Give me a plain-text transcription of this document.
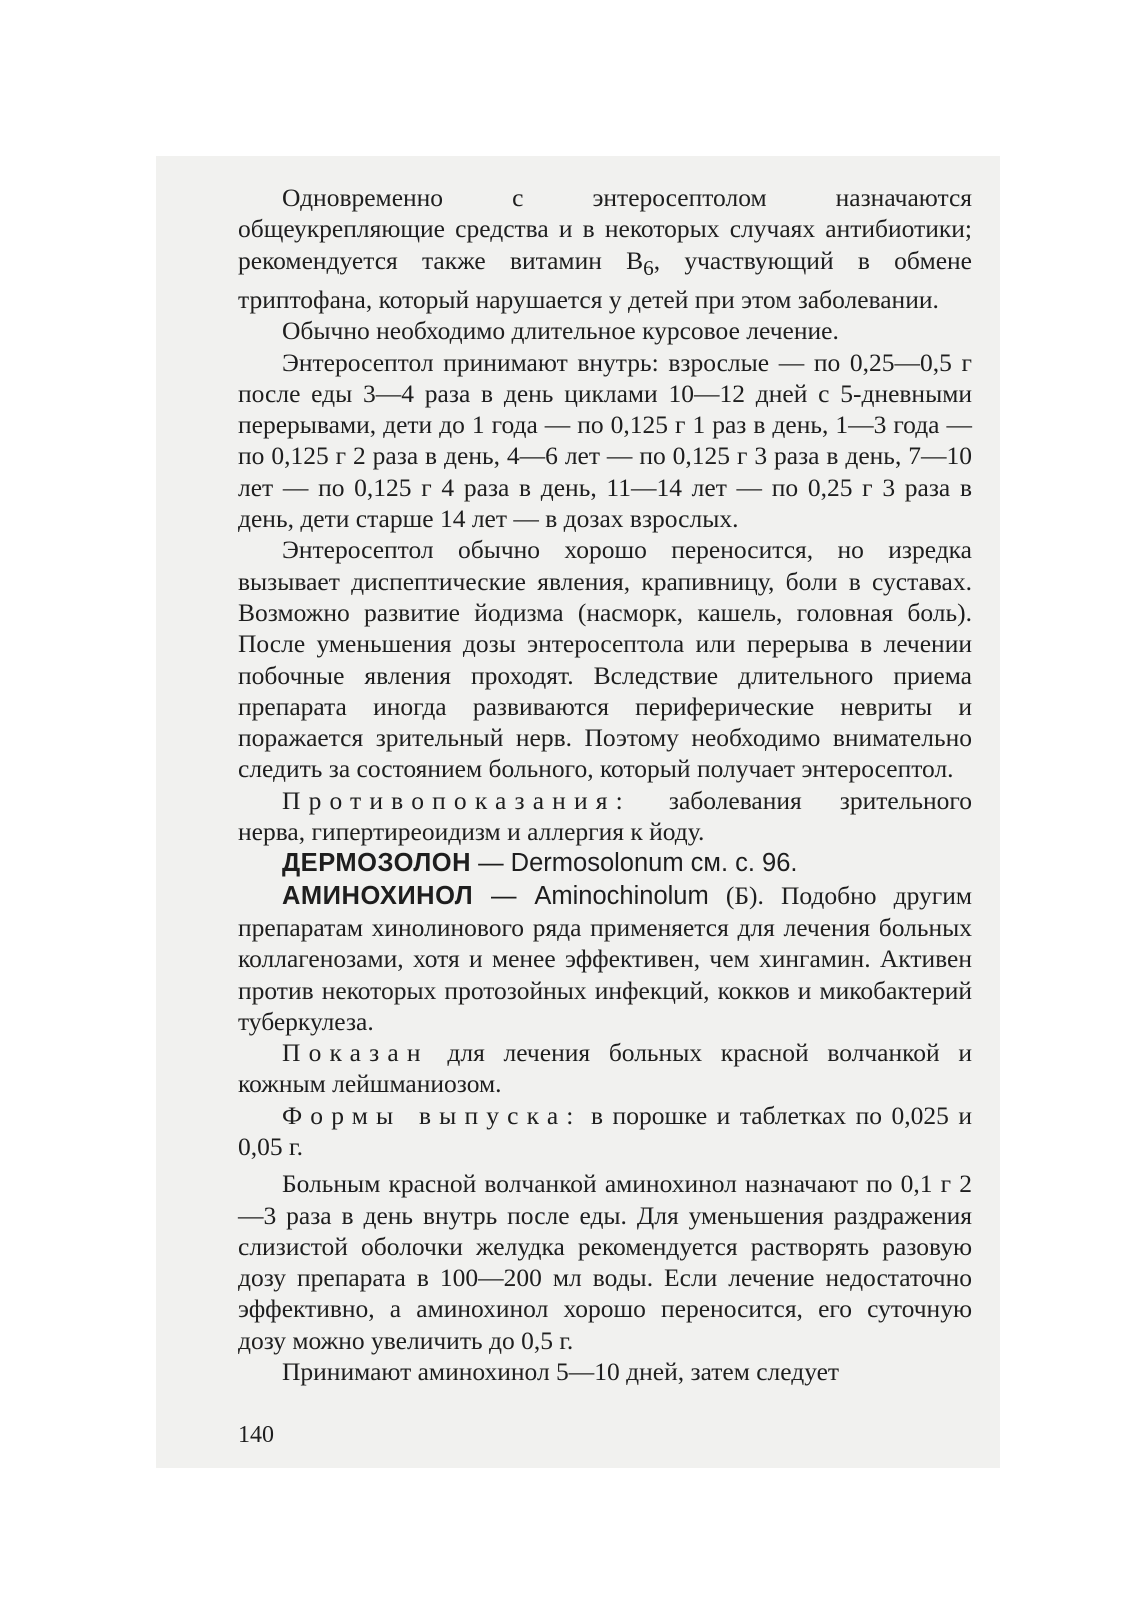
Одновременно с энтеросептолом назначаются общеукрепляющие средства и в некоторых случаях антибиотики; рекомендуется также витамин $В_6$, участвующий в обмене триптофана, который нарушается у детей при этом заболевании.

Обычно необходимо длительное курсовое лечение.

Энтеросептол принимают внутрь: взрослые — по 0,25—0,5 г после еды 3—4 раза в день циклами 10—12 дней с 5-дневными перерывами, дети до 1 года — по 0,125 г 1 раз в день, 1—3 года — по 0,125 г 2 раза в день, 4—6 лет — по 0,125 г 3 раза в день, 7—10 лет — по 0,125 г 4 раза в день, 11—14 лет — по 0,25 г 3 раза в день, дети старше 14 лет — в дозах взрослых.

Энтеросептол обычно хорошо переносится, но изредка вызывает диспептические явления, крапивницу, боли в суставах. Возможно развитие йодизма (насморк, кашель, головная боль). После уменьшения дозы энтеросептола или перерыва в лечении побочные явления проходят. Вследствие длительного приема препарата иногда развиваются периферические невриты и поражается зрительный нерв. Поэтому необходимо внимательно следить за состоянием больного, который получает энтеросептол.

Противопоказания: заболевания зрительного нерва, гипертиреоидизм и аллергия к йоду.

ДЕРМОЗОЛОН — Dermosolonum см. с. 96.

АМИНОХИНОЛ — Aminochinolum (Б). Подобно другим препаратам хинолинового ряда применяется для лечения больных коллагенозами, хотя и менее эффективен, чем хингамин. Активен против некоторых протозойных инфекций, кокков и микобактерий туберкулеза.

Показан для лечения больных красной волчанкой и кожным лейшманиозом.

Формы выпуска: в порошке и таблетках по 0,025 и 0,05 г.

Больным красной волчанкой аминохинол назначают по 0,1 г 2—3 раза в день внутрь после еды. Для уменьшения раздражения слизистой оболочки желудка рекомендуется растворять разовую дозу препарата в 100—200 мл воды. Если лечение недостаточно эффективно, а аминохинол хорошо переносится, его суточную дозу можно увеличить до 0,5 г.

Принимают аминохинол 5—10 дней, затем следует

140
